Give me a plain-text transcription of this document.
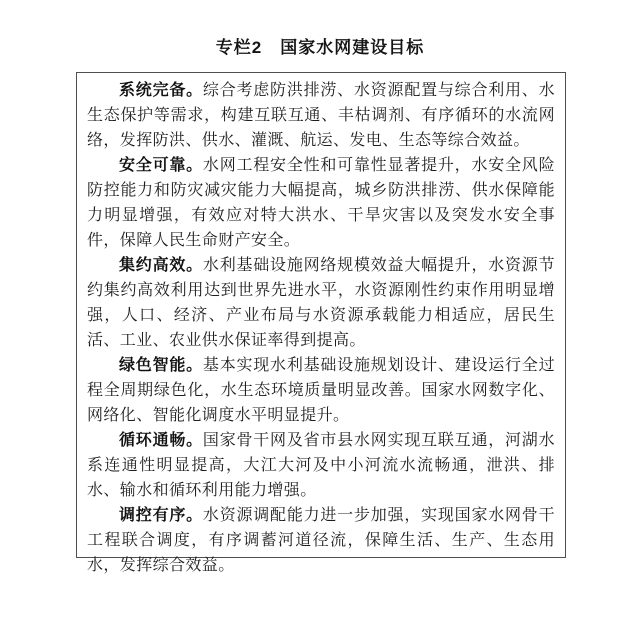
专栏2　国家水网建设目标

系统完备。综合考虑防洪排涝、水资源配置与综合利用、水生态保护等需求，构建互联互通、丰枯调剂、有序循环的水流网络，发挥防洪、供水、灌溉、航运、发电、生态等综合效益。

安全可靠。水网工程安全性和可靠性显著提升，水安全风险防控能力和防灾减灾能力大幅提高，城乡防洪排涝、供水保障能力明显增强，有效应对特大洪水、干旱灾害以及突发水安全事件，保障人民生命财产安全。

集约高效。水利基础设施网络规模效益大幅提升，水资源节约集约高效利用达到世界先进水平，水资源刚性约束作用明显增强，人口、经济、产业布局与水资源承载能力相适应，居民生活、工业、农业供水保证率得到提高。

绿色智能。基本实现水利基础设施规划设计、建设运行全过程全周期绿色化，水生态环境质量明显改善。国家水网数字化、网络化、智能化调度水平明显提升。

循环通畅。国家骨干网及省市县水网实现互联互通，河湖水系连通性明显提高，大江大河及中小河流水流畅通，泄洪、排水、输水和循环利用能力增强。

调控有序。水资源调配能力进一步加强，实现国家水网骨干工程联合调度，有序调蓄河道径流，保障生活、生产、生态用水，发挥综合效益。
